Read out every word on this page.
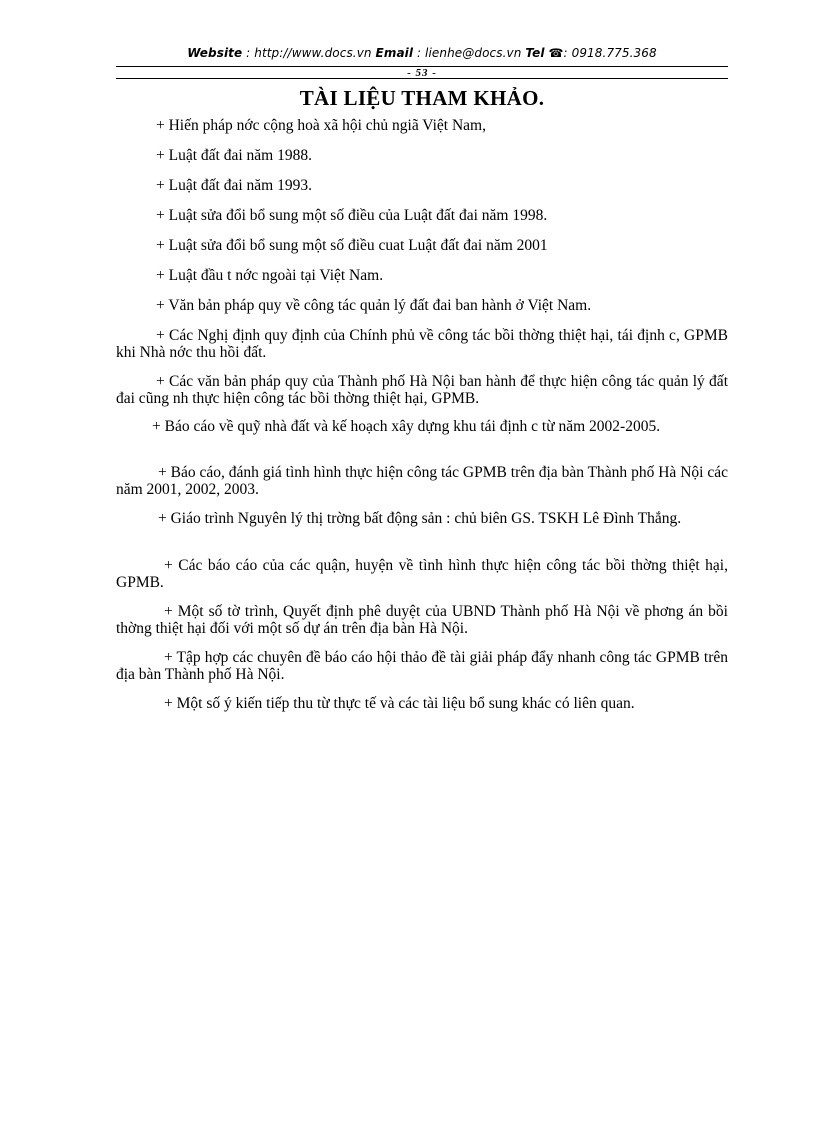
Website : http://www.docs.vn Email : lienhe@docs.vn Tel ☎: 0918.775.368
- 53 -
TÀI LIỆU THAM KHẢO.
+ Hiến pháp nớc cộng hoà xã hội chủ ngiã Việt Nam,
+ Luật đất đai năm 1988.
+ Luật đất đai năm 1993.
+ Luật sửa đổi bổ sung một số điều của Luật đất đai năm 1998.
+ Luật sửa đổi bổ sung một số điều cuat Luật đất đai năm 2001
+ Luật đầu t nớc ngoài tại Việt Nam.
+ Văn bản pháp quy về công tác quản lý đất đai ban hành ở Việt Nam.
+ Các Nghị định quy định của Chính phủ về công tác bồi thờng thiệt hại, tái định c, GPMB khi Nhà nớc thu hồi đất.
+ Các văn bản pháp quy của Thành phố Hà Nội ban hành để thực hiện công tác quản lý đất đai cũng nh thực hiện công tác bồi thờng thiệt hại, GPMB.
+ Báo cáo về quỹ nhà đất và kế hoạch xây dựng khu tái định c từ năm 2002-2005.
+ Báo cáo, đánh giá tình hình thực hiện công tác GPMB trên địa bàn Thành phố Hà Nội các năm 2001, 2002, 2003.
+ Giáo trình Nguyên lý thị trờng bất động sản : chủ biên GS. TSKH Lê Đình Thắng.
+ Các báo cáo của các quận, huyện về tình hình thực hiện công tác bồi thờng thiệt hại, GPMB.
+ Một số tờ trình, Quyết định phê duyệt của UBND Thành phố Hà Nội về phơng án bồi thờng thiệt hại đối với một số dự án trên địa bàn Hà Nội.
+ Tập hợp các chuyên đề báo cáo hội thảo đề tài giải pháp đẩy nhanh công tác GPMB trên địa bàn Thành phố Hà Nội.
+ Một số ý kiến tiếp thu từ thực tế và các tài liệu bổ sung khác có liên quan.
